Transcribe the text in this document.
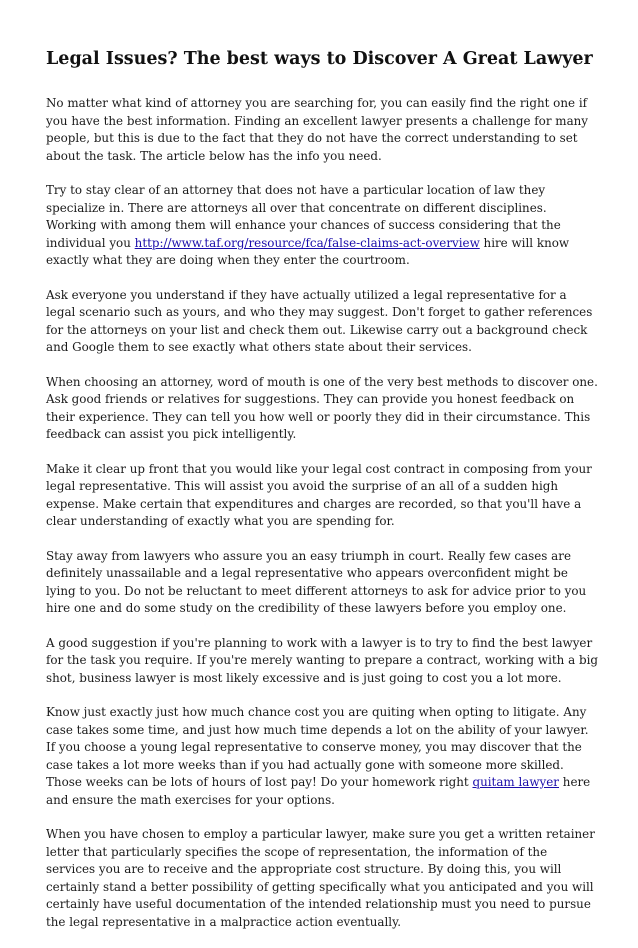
Legal Issues? The best ways to Discover A Great Lawyer

No matter what kind of attorney you are searching for, you can easily find the right one if you have the best information. Finding an excellent lawyer presents a challenge for many people, but this is due to the fact that they do not have the correct understanding to set about the task. The article below has the info you need.

Try to stay clear of an attorney that does not have a particular location of law they specialize in. There are attorneys all over that concentrate on different disciplines. Working with among them will enhance your chances of success considering that the individual you http://www.taf.org/resource/fca/false-claims-act-overview hire will know exactly what they are doing when they enter the courtroom.

Ask everyone you understand if they have actually utilized a legal representative for a legal scenario such as yours, and who they may suggest. Don't forget to gather references for the attorneys on your list and check them out. Likewise carry out a background check and Google them to see exactly what others state about their services.

When choosing an attorney, word of mouth is one of the very best methods to discover one. Ask good friends or relatives for suggestions. They can provide you honest feedback on their experience. They can tell you how well or poorly they did in their circumstance. This feedback can assist you pick intelligently.

Make it clear up front that you would like your legal cost contract in composing from your legal representative. This will assist you avoid the surprise of an all of a sudden high expense. Make certain that expenditures and charges are recorded, so that you'll have a clear understanding of exactly what you are spending for.

Stay away from lawyers who assure you an easy triumph in court. Really few cases are definitely unassailable and a legal representative who appears overconfident might be lying to you. Do not be reluctant to meet different attorneys to ask for advice prior to you hire one and do some study on the credibility of these lawyers before you employ one.

A good suggestion if you're planning to work with a lawyer is to try to find the best lawyer for the task you require. If you're merely wanting to prepare a contract, working with a big shot, business lawyer is most likely excessive and is just going to cost you a lot more.

Know just exactly just how much chance cost you are quiting when opting to litigate. Any case takes some time, and just how much time depends a lot on the ability of your lawyer. If you choose a young legal representative to conserve money, you may discover that the case takes a lot more weeks than if you had actually gone with someone more skilled. Those weeks can be lots of hours of lost pay! Do your homework right quitam lawyer here and ensure the math exercises for your options.

When you have chosen to employ a particular lawyer, make sure you get a written retainer letter that particularly specifies the scope of representation, the information of the services you are to receive and the appropriate cost structure. By doing this, you will certainly stand a better possibility of getting specifically what you anticipated and you will certainly have useful documentation of the intended relationship must you need to pursue the legal representative in a malpractice action eventually.
